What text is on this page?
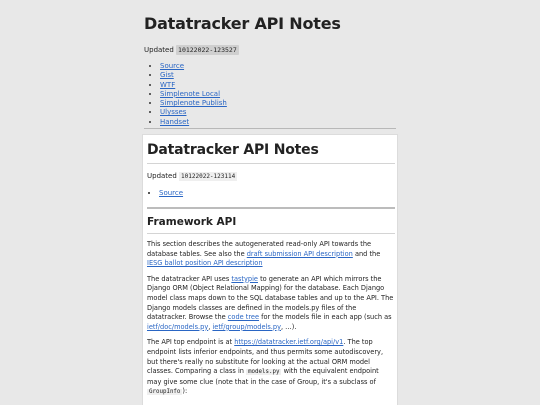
Datatracker API Notes
Updated 10122022-123527
• Source
• Gist
• WTF
• Simplenote Local
• Simplenote Publish
• Ulysses
• Handset
Datatracker API Notes
Updated 10122022-123114
• Source
Framework API

This section describes the autogenerated read-only API towards the database tables. See also the draft submission API description and the IESG ballot position API description

The datatracker API uses tastypie to generate an API which mirrors the Django ORM (Object Relational Mapping) for the database. Each Django model class maps down to the SQL database tables and up to the API. The Django models classes are defined in the models.py files of the datatracker. Browse the code tree for the models file in each app (such as ietf/doc/models.py, ietf/group/models.py, …).

The API top endpoint is at https://datatracker.ietf.org/api/v1. The top endpoint lists inferior endpoints, and thus permits some autodiscovery, but there's really no substitute for looking at the actual ORM model classes. Comparing a class in models.py with the equivalent endpoint may give some clue (note that in the case of Group, it's a subclass of GroupInfo ):
